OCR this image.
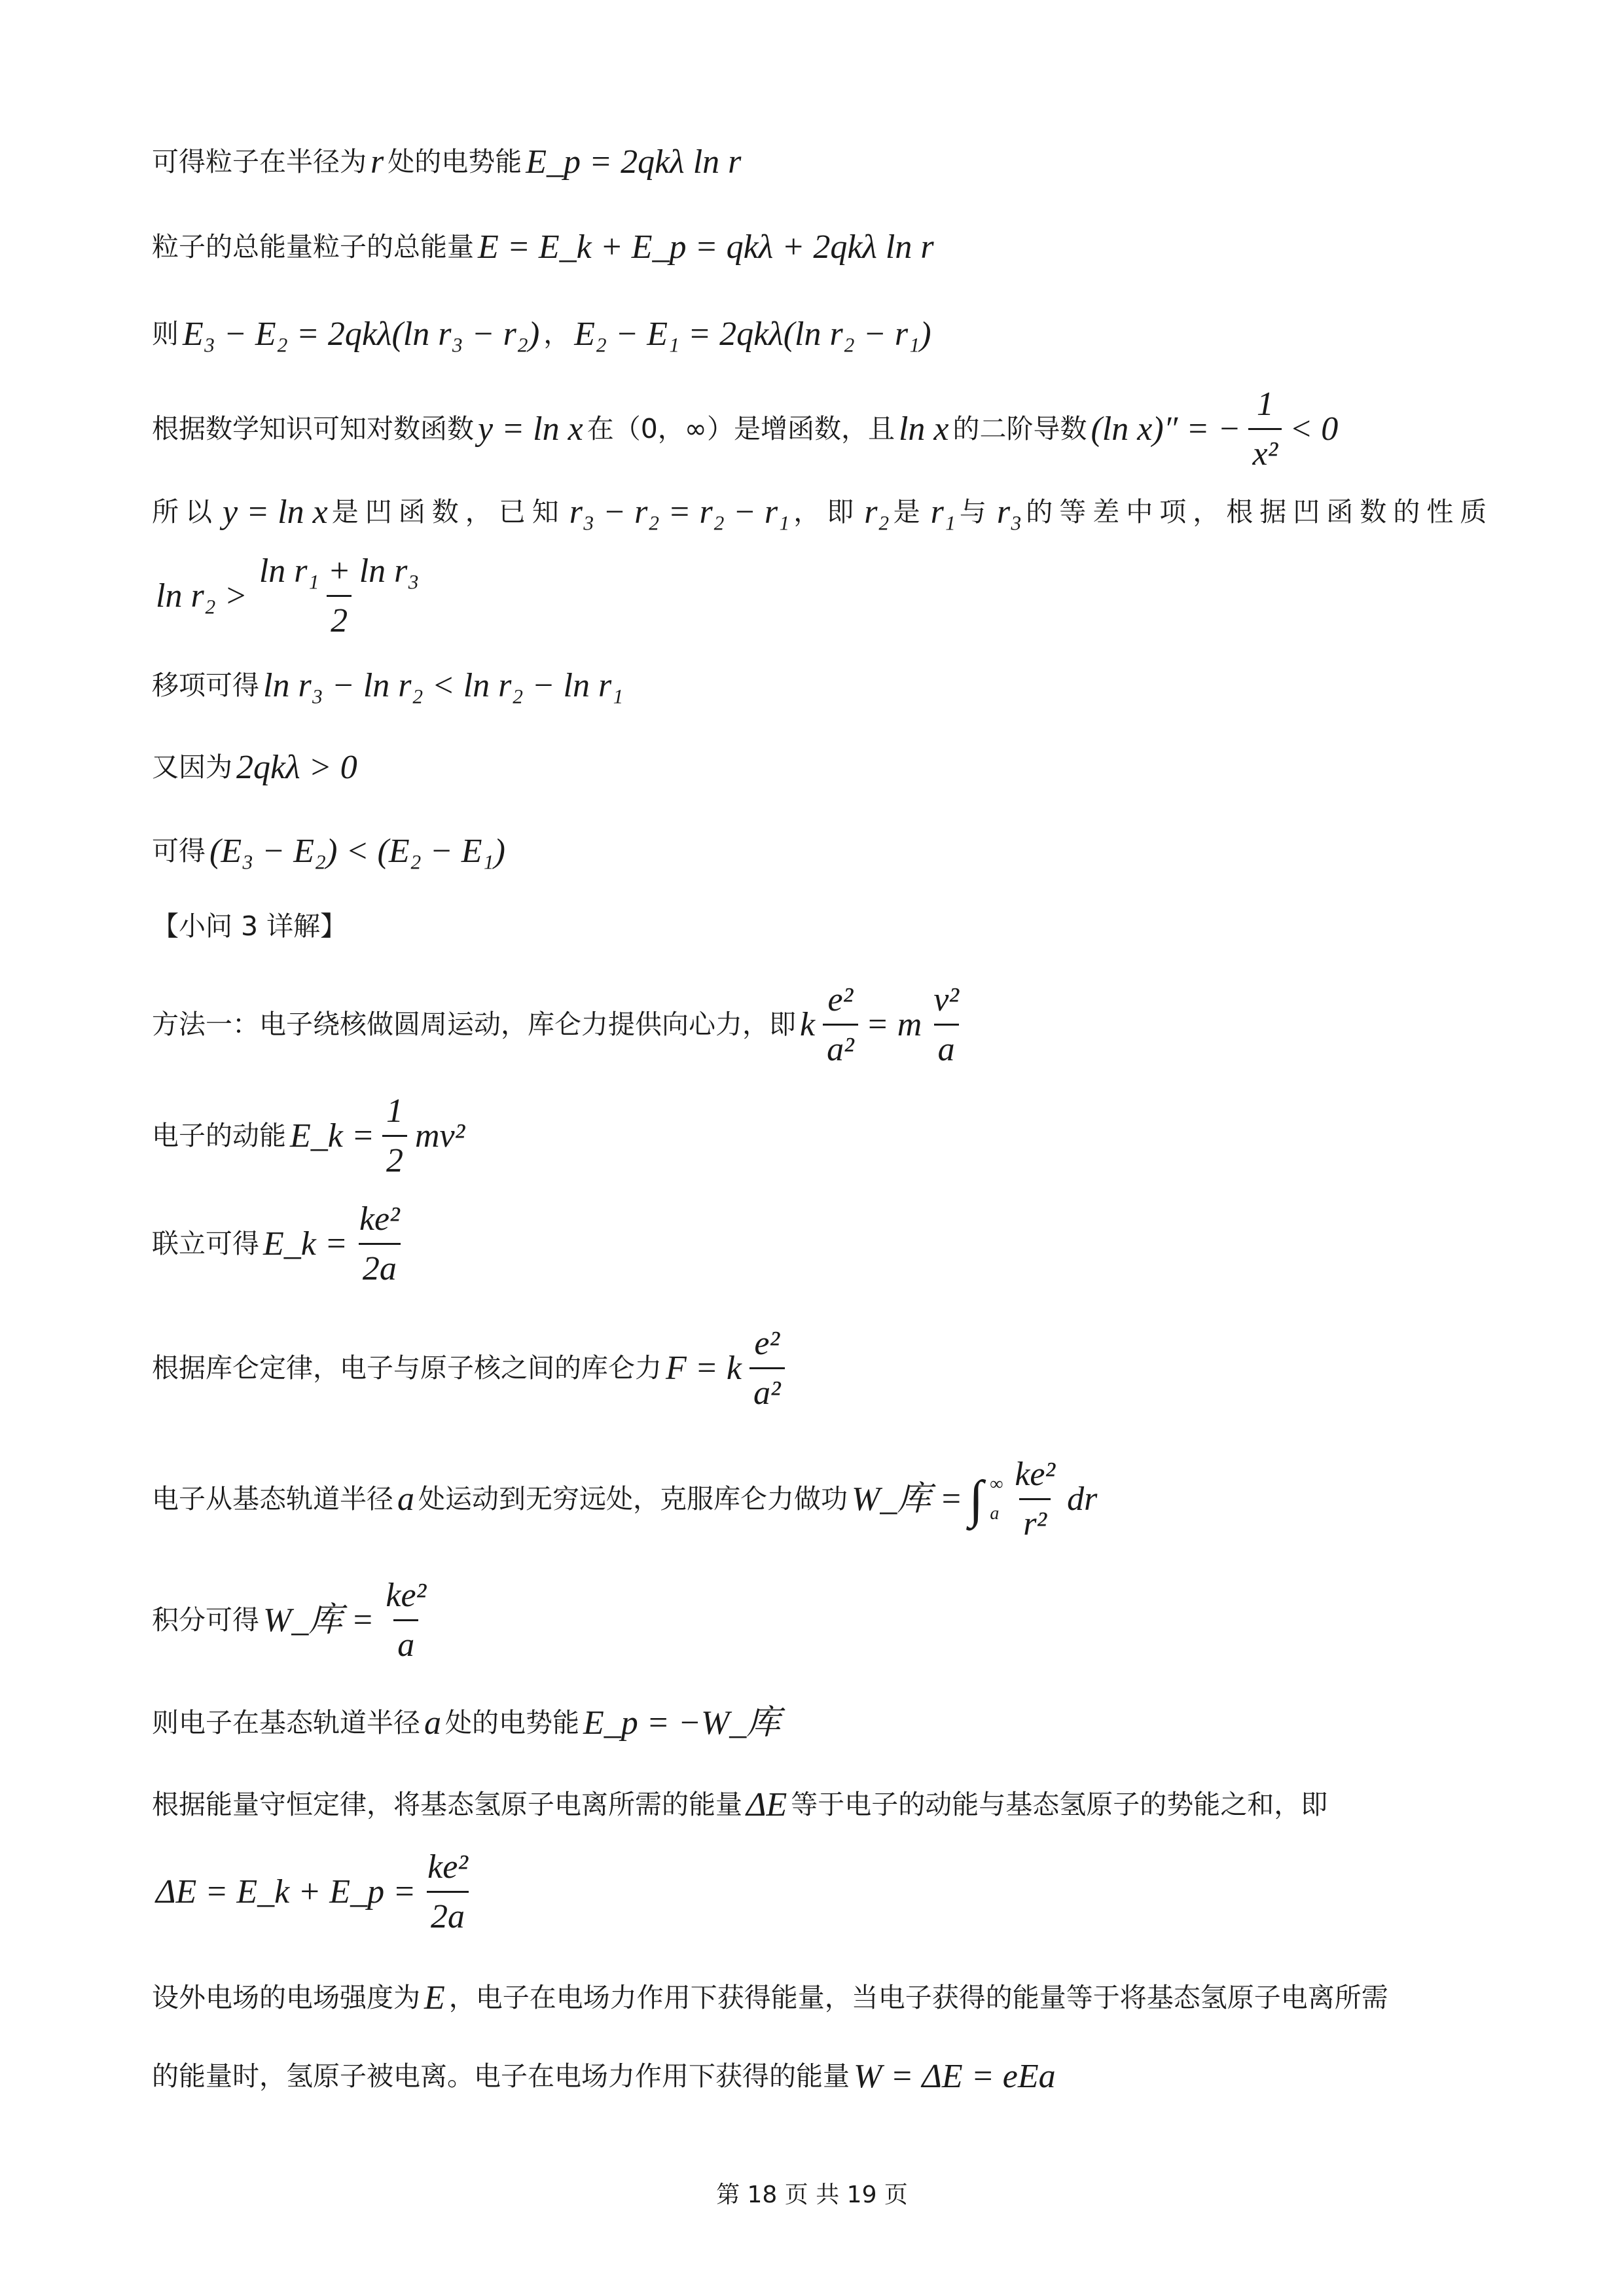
可得粒子在半径为 r 处的电势能 E_p = 2qkλ ln r
粒子的总能量粒子的总能量 E = E_k + E_p = qkλ + 2qkλ ln r
则 E₃ − E₂ = 2qkλ(ln r₃ − r₂) ， E₂ − E₁ = 2qkλ(ln r₂ − r₁)
根据数学知识可知对数函数 y = ln x 在（0，∞）是增函数，且 ln x 的二阶导数 (ln x)″ = − $\frac{1}{\text{x²}} < 0$
所以 y = ln x 是凹函数，已知 r₃ − r₂ = r₂ − r₁ ，即 r₂ 是 r₁ 与 r₃ 的等差中项，根据凹函数的性质
$\ln r_2 > \frac{\text{ln r₁ + ln r₃}}{2}$
移项可得 ln r₃ − ln r₂ < ln r₂ − ln r₁
又因为 2qkλ > 0
可得 (E₃ − E₂) < (E₂ − E₁)
【小问 3 详解】
方法一：电子绕核做圆周运动，库仑力提供向心力，即 k $\frac{\text{e²}}{\text{a²}} = m \frac{\text{v²}}{a}$
电子的动能 E_k = $\frac{1}{2} mv^2$
联立可得 E_k = $\frac{\text{ke²}}{2a}$
根据库仑定律，电子与原子核之间的库仑力 F = k $\frac{\text{e²}}{\text{a²}}$
电子从基态轨道半径 a 处运动到无穷远处，克服库仑力做功 W_库 = ∫ ∞
a $\frac{\text{ke²}}{\text{r²}}$ dr
积分可得 W_库 = $\frac{\text{ke²}}{a}$
则电子在基态轨道半径 a 处的电势能 E_p = −W_库
根据能量守恒定律，将基态氢原子电离所需的能量 ΔE 等于电子的动能与基态氢原子的势能之和，即
ΔE = E_k + E_p = $\frac{\text{ke²}}{2a}$
设外电场的电场强度为 E ，电子在电场力作用下获得能量，当电子获得的能量等于将基态氢原子电离所需
的能量时，氢原子被电离。电子在电场力作用下获得的能量 W = ΔE = eEa
第 18 页 共 19 页
